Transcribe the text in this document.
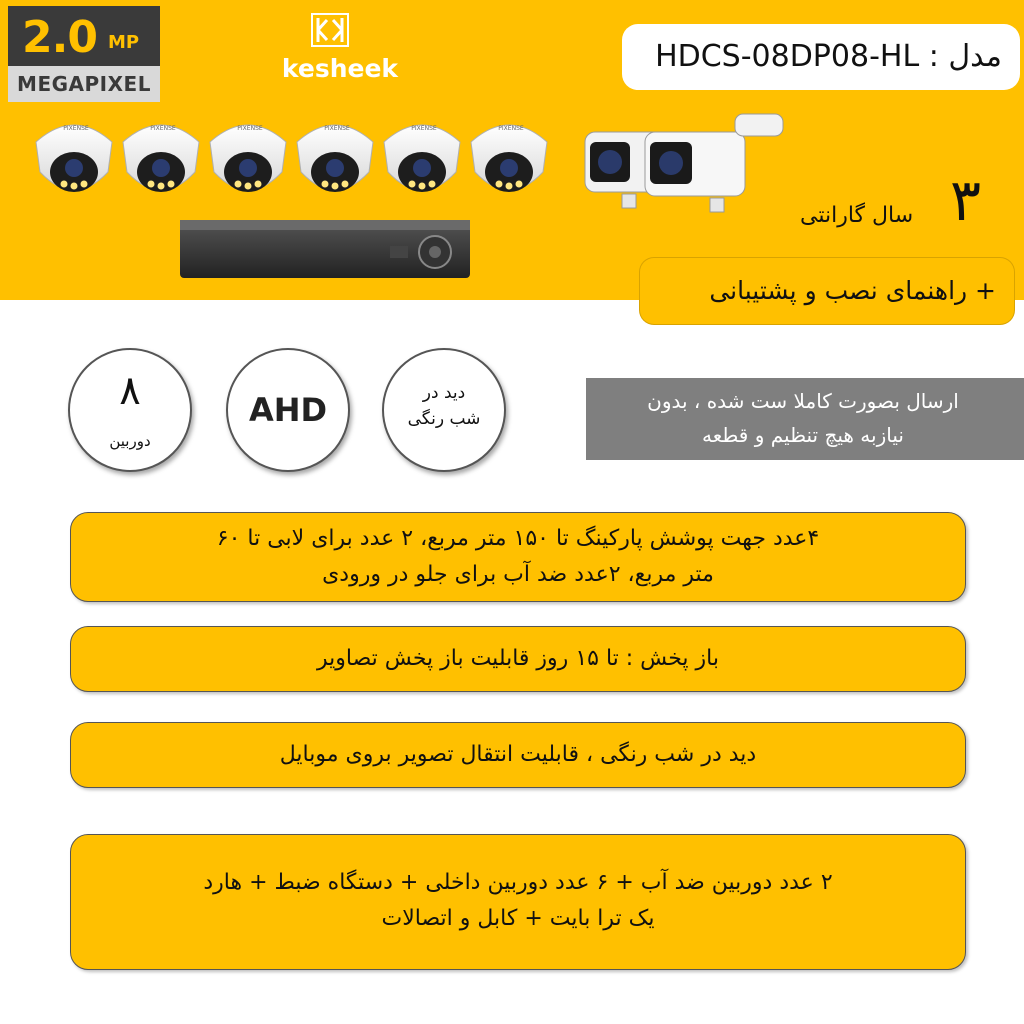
2.0 MP
MEGAPIXEL
kesheek	مدل : HDCS-08DP08-HL
PIXENSE	PIXENSE	PIXENSE	PIXENSE	PIXENSE	PIXENSE
۳
سال گارانتی
+ راهنمای نصب و پشتیبانی
۸
دوربین
AHD	دید در
شب رنگی
ارسال بصورت کاملا ست شده ، بدون
نیازبه هیچ تنظیم و قطعه
۴عدد جهت پوشش پارکینگ تا ۱۵۰ متر مربع، ۲ عدد برای لابی تا ۶۰
متر مربع، ۲عدد ضد آب برای جلو در ورودی
باز پخش : تا ۱۵ روز قابلیت باز پخش تصاویر
دید در شب رنگی ، قابلیت انتقال تصویر بروی موبایل
۲ عدد دوربین ضد آب + ۶ عدد دوربین داخلی + دستگاه ضبط + هارد
یک ترا بایت + کابل و اتصالات
